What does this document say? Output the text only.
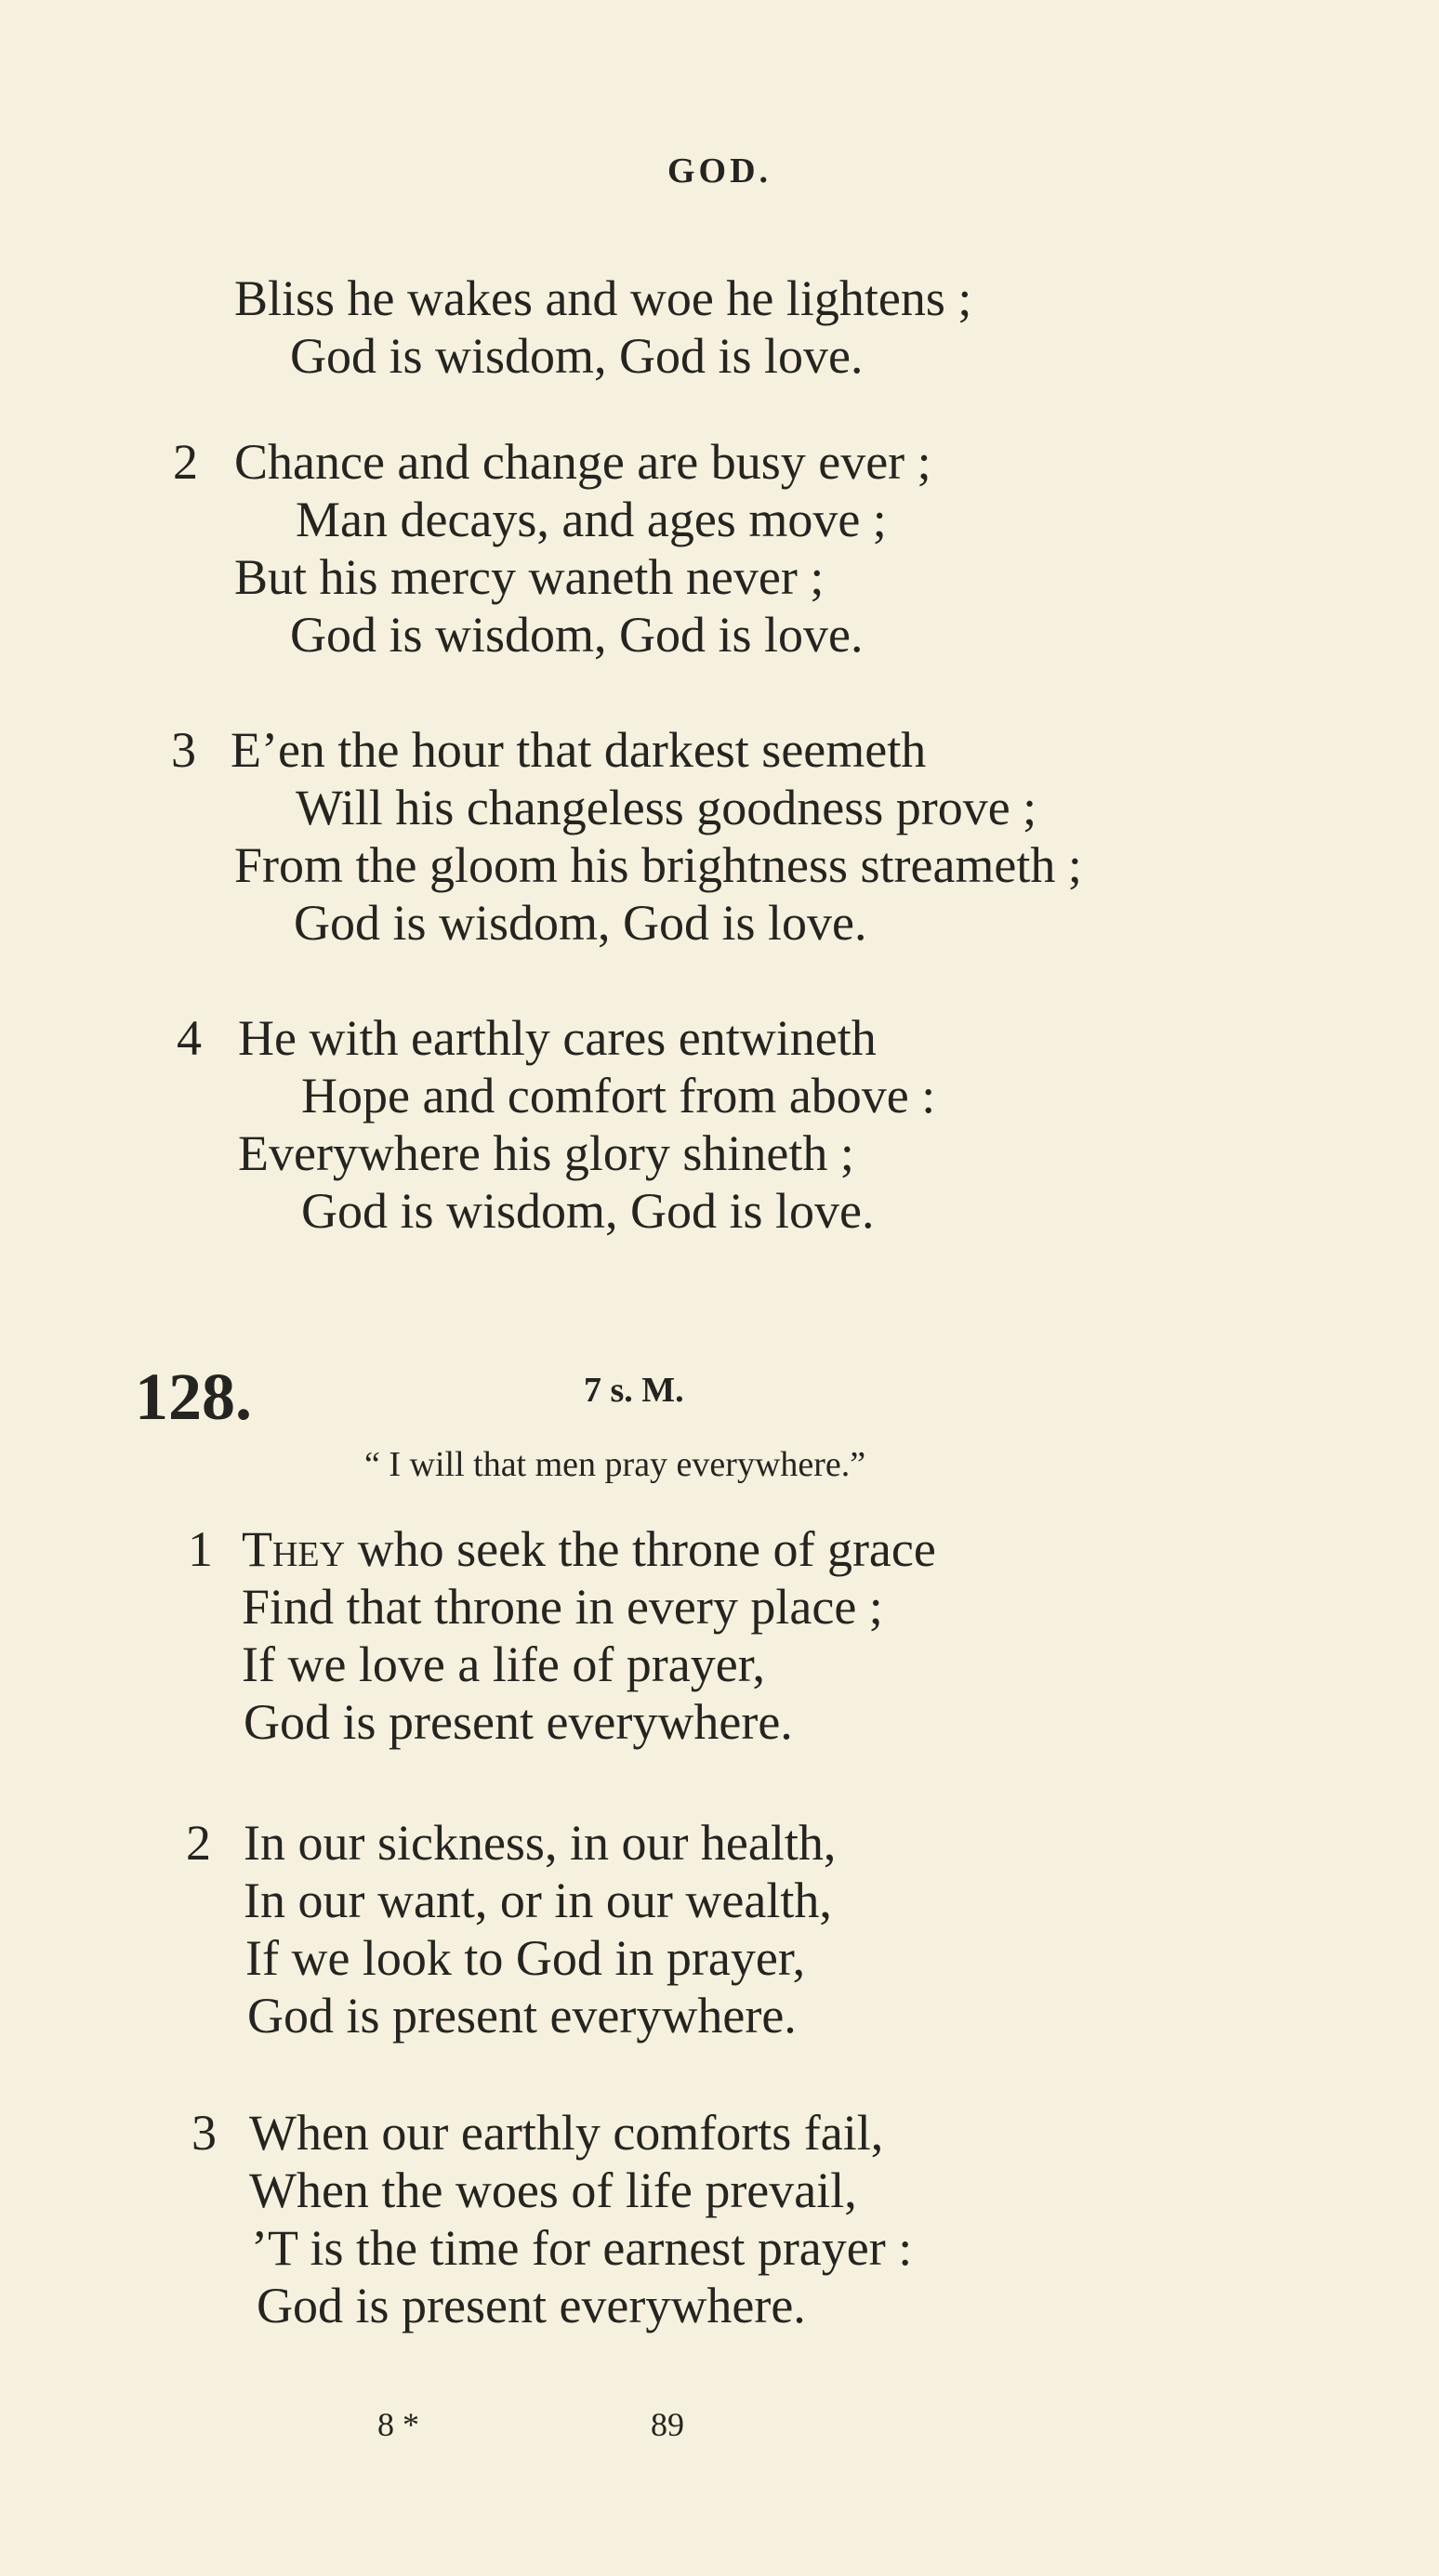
GOD.
Bliss he wakes and woe he lightens ;
God is wisdom, God is love.
2 Chance and change are busy ever ;
Man decays, and ages move ;
But his mercy waneth never ;
God is wisdom, God is love.
3 E’en the hour that darkest seemeth
Will his changeless goodness prove ;
From the gloom his brightness streameth ;
God is wisdom, God is love.
4 He with earthly cares entwineth
Hope and comfort from above :
Everywhere his glory shineth ;
God is wisdom, God is love.
128.	7 s. M.
“ I will that men pray everywhere.”
1 They who seek the throne of grace
Find that throne in every place ;
If we love a life of prayer,
God is present everywhere.
2 In our sickness, in our health,
In our want, or in our wealth,
If we look to God in prayer,
God is present everywhere.
3 When our earthly comforts fail,
When the woes of life prevail,
’T is the time for earnest prayer :
God is present everywhere.
8 *	89
